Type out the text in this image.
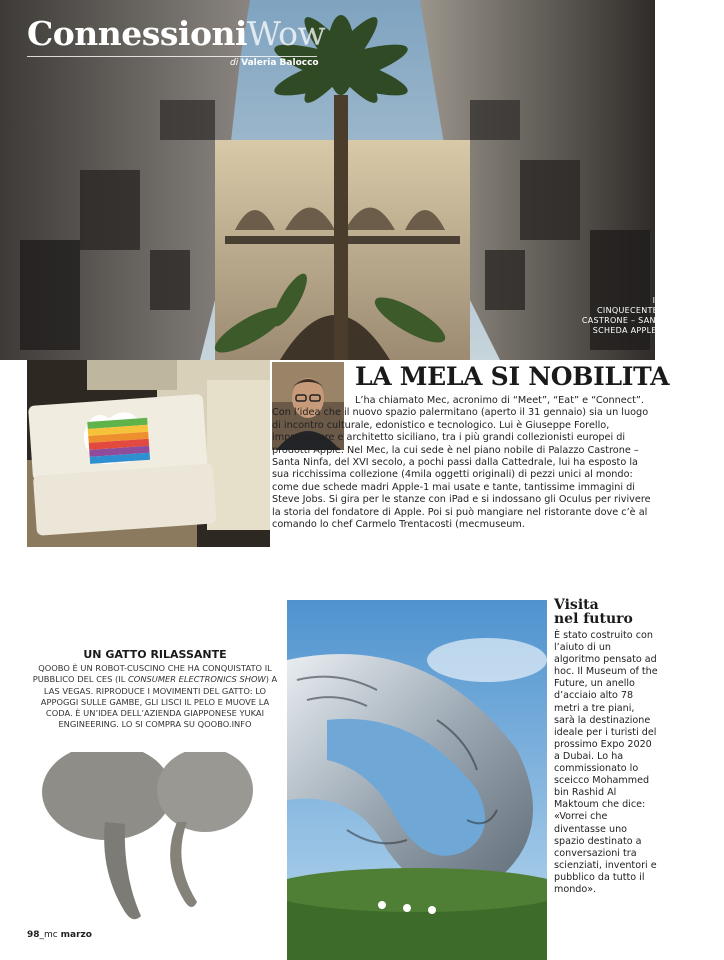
ConnessioniWow
di Valeria Balocco
IL CORTILE DEL CINQUECENTESCO PALAZZO CASTRONE – SANTA NINFA, UNA SCHEDA APPLE-1 E GIUSEPPE FORELLO.
LA MELA SI NOBILITA
L’ha chiamato Mec, acronimo di “Meet”, “Eat” e “Connect”. Con l’idea che il nuovo spazio palermitano (aperto il 31 gennaio) sia un luogo di incontro culturale, edonistico e tecnologico. Lui è Giuseppe Forello, imprenditore e architetto siciliano, tra i più grandi collezionisti europei di prodotti Apple. Nel Mec, la cui sede è nel piano nobile di Palazzo Castrone – Santa Ninfa, del XVI secolo, a pochi passi dalla Cattedrale, lui ha esposto la sua ricchissima collezione (4mila oggetti originali) di pezzi unici al mondo: come due schede madri Apple-1 mai usate e tante, tantissime immagini di Steve Jobs. Si gira per le stanze con iPad e si indossano gli Oculus per rivivere la storia del fondatore di Apple. Poi si può mangiare nel ristorante dove c’è al comando lo chef Carmelo Trentacosti (mecmuseum.
UN GATTO RILASSANTE
QOOBO È UN ROBOT-CUSCINO CHE HA CONQUISTATO IL PUBBLICO DEL CES (IL CONSUMER ELECTRONICS SHOW) A LAS VEGAS. RIPRODUCE I MOVIMENTI DEL GATTO: LO APPOGGI SULLE GAMBE, GLI LISCI IL PELO E MUOVE LA CODA. È UN’IDEA DELL’AZIENDA GIAPPONESE YUKAI ENGINEERING. LO SI COMPRA SU QOOBO.INFO
Visita
nel futuro
È stato costruito con l’aiuto di un algoritmo pensato ad hoc. Il Museum of the Future, un anello d’acciaio alto 78 metri a tre piani, sarà la destinazione ideale per i turisti del prossimo Expo 2020 a Dubai. Lo ha commissionato lo sceicco Mohammed bin Rashid Al Maktoum che dice: «Vorrei che diventasse uno spazio destinato a conversazioni tra scienziati, inventori e pubblico da tutto il mondo».
98_mc marzo
